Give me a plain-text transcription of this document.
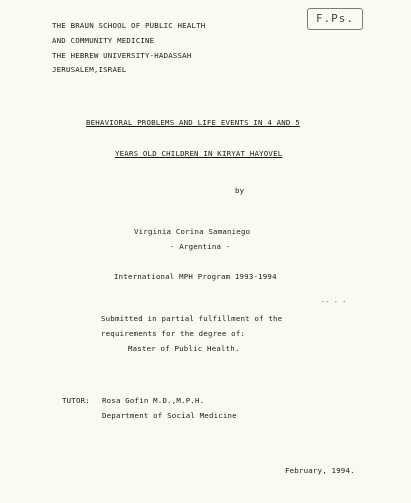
F.Ps.
THE BRAUN SCHOOL OF PUBLIC HEALTH
AND COMMUNITY MEDICINE
THE HEBREW UNIVERSITY-HADASSAH
JERUSALEM,ISRAEL
BEHAVIORAL PROBLEMS AND LIFE EVENTS IN 4 AND 5
YEARS OLD CHILDREN IN KIRYAT HAYOVEL
by
Virginia Corina Samaniego
- Argentina -
International MPH Program 1993-1994
·- - ·
Submitted in partial fulfillment of the
requirements for the degree of:
Master of Public Health.
TUTOR: Rosa Gofin M.D.,M.P.H.
Department of Social Medicine
February, 1994.
